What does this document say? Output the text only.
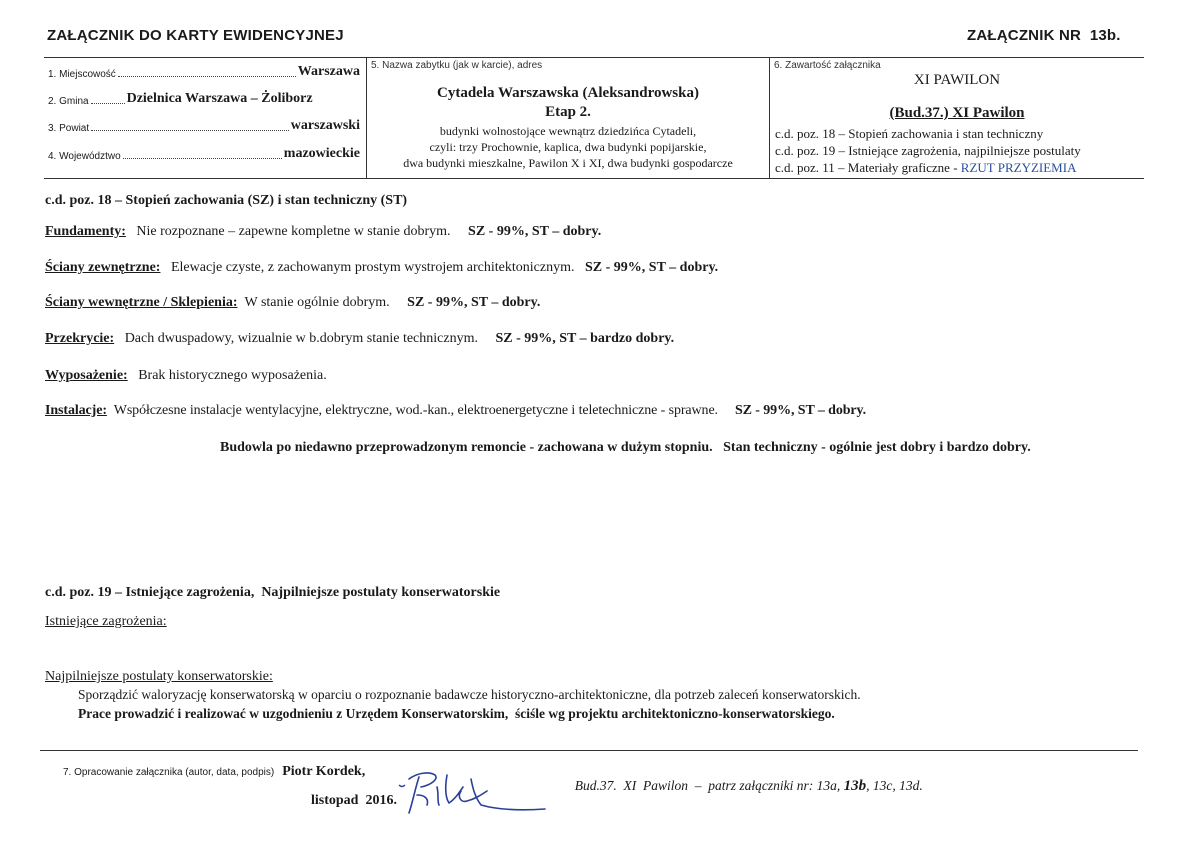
ZAŁĄCZNIK DO KARTY EWIDENCYJNEJ	ZAŁĄCZNIK NR 13b.
1. Miejscowość	Warszawa
2. Gmina	Dzielnica Warszawa – Żoliborz
3. Powiat	warszawski
4. Województwo	mazowieckie
5. Nazwa zabytku (jak w karcie), adres
Cytadela Warszawska (Aleksandrowska)
Etap 2.
budynki wolnostojące wewnątrz dziedzińca Cytadeli,
czyli: trzy Prochownie, kaplica, dwa budynki popijarskie,
dwa budynki mieszkalne, Pawilon X i XI, dwa budynki gospodarcze
6. Zawartość załącznika
XI PAWILON
(Bud.37.) XI Pawilon
c.d. poz. 18 – Stopień zachowania i stan techniczny
c.d. poz. 19 – Istniejące zagrożenia, najpilniejsze postulaty
c.d. poz. 11 – Materiały graficzne - RZUT PRZYZIEMIA
c.d. poz. 18 – Stopień zachowania (SZ) i stan techniczny (ST)
Fundamenty: Nie rozpoznane – zapewne kompletne w stanie dobrym. SZ - 99%, ST – dobry.
Ściany zewnętrzne: Elewacje czyste, z zachowanym prostym wystrojem architektonicznym. SZ - 99%, ST – dobry.
Ściany wewnętrzne / Sklepienia: W stanie ogólnie dobrym. SZ - 99%, ST – dobry.
Przekrycie: Dach dwuspadowy, wizualnie w b.dobrym stanie technicznym. SZ - 99%, ST – bardzo dobry.
Wyposażenie: Brak historycznego wyposażenia.
Instalacje: Współczesne instalacje wentylacyjne, elektryczne, wod.-kan., elektroenergetyczne i teletechniczne - sprawne. SZ - 99%, ST – dobry.
Budowla po niedawno przeprowadzonym remoncie - zachowana w dużym stopniu.   Stan techniczny - ogólnie jest dobry i bardzo dobry.
c.d. poz. 19 – Istniejące zagrożenia,  Najpilniejsze postulaty konserwatorskie
Istniejące zagrożenia:
Najpilniejsze postulaty konserwatorskie:
Sporządzić waloryzację konserwatorską w oparciu o rozpoznanie badawcze historyczno-architektoniczne, dla potrzeb zaleceń konserwatorskich.
Prace prowadzić i realizować w uzgodnieniu z Urzędem Konserwatorskim,  ściśle wg projektu architektoniczno-konserwatorskiego.
7. Opracowanie załącznika (autor, data, podpis) Piotr Kordek,
listopad  2016.

Bud.37.  XI  Pawilon  –  patrz załączniki nr: 13a, 13b, 13c, 13d.
